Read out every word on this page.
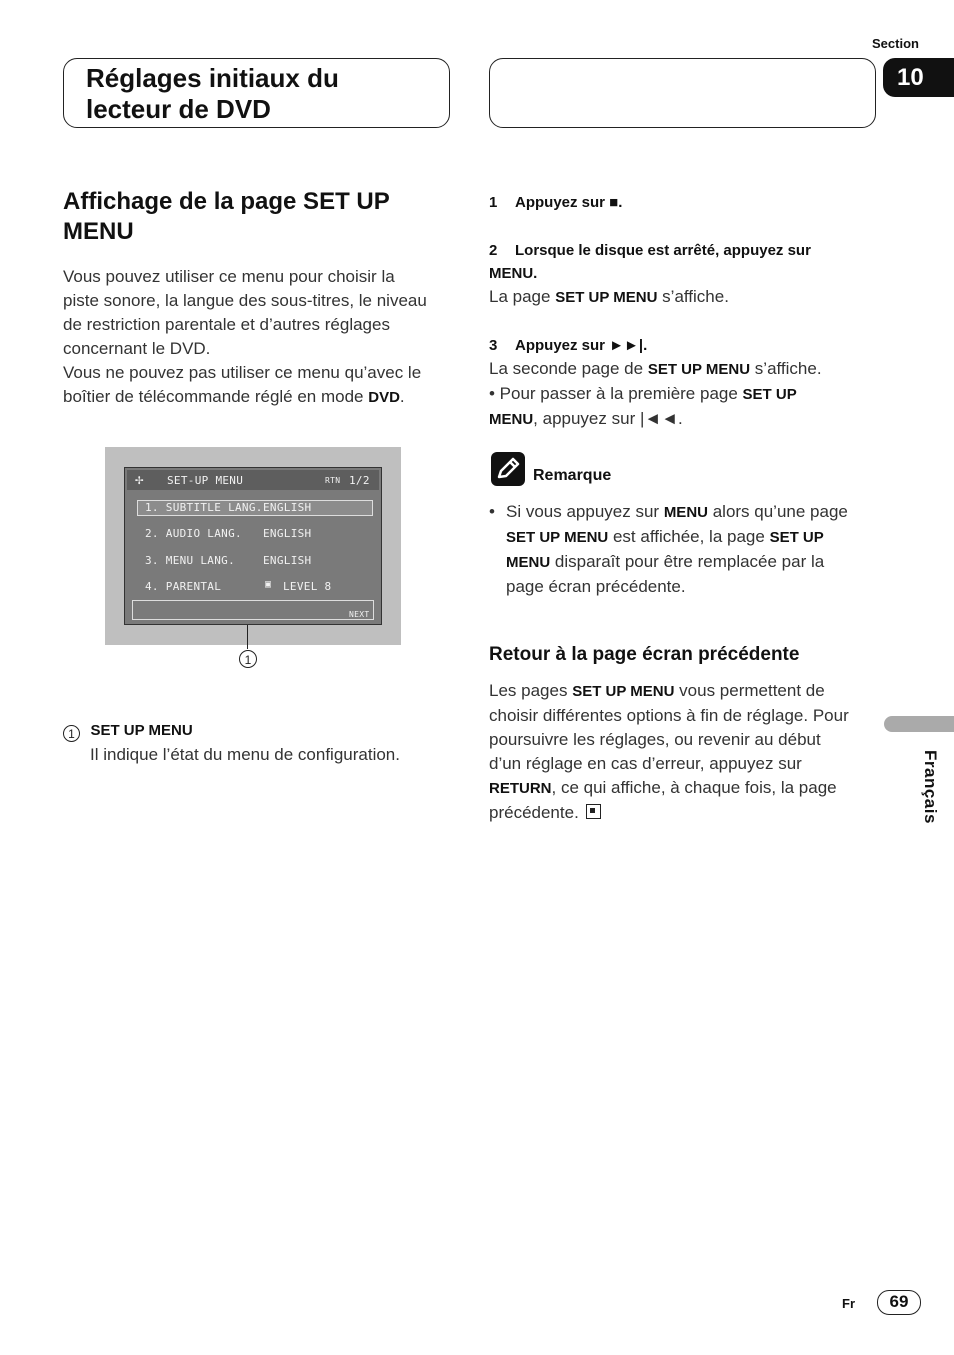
Section
10
Réglages initiaux du
lecteur de DVD
Affichage de la page SET UP
MENU
Vous pouvez utiliser ce menu pour choisir la
piste sonore, la langue des sous-titres, le niveau
de restriction parentale et d’autres réglages
concernant le DVD.
Vous ne pouvez pas utiliser ce menu qu’avec le
boîtier de télécommande réglé en mode DVD.
✢ SET-UP MENU	RTN 1/2
1. SUBTITLE LANG. ENGLISH
2. AUDIO LANG. ENGLISH
3. MENU LANG.	ENGLISH
4. PARENTAL	▣ LEVEL 8
NEXT
1
1 SET UP MENU
Il indique l’état du menu de configuration.
1 Appuyez sur ■.
2 Lorsque le disque est arrêté, appuyez sur
MENU.
La page SET UP MENU s’affiche.
3 Appuyez sur ►►|.
La seconde page de SET UP MENU s’affiche.
• Pour passer à la première page SET UP
MENU, appuyez sur |◄◄.
Remarque
• Si vous appuyez sur MENU alors qu’une page
SET UP MENU est affichée, la page SET UP
MENU disparaît pour être remplacée par la
page écran précédente.
Retour à la page écran précédente
Les pages SET UP MENU vous permettent de
choisir différentes options à fin de réglage. Pour
poursuivre les réglages, ou revenir au début
d’un réglage en cas d’erreur, appuyez sur
RETURN, ce qui affiche, à chaque fois, la page
précédente.	Français
Fr	69
